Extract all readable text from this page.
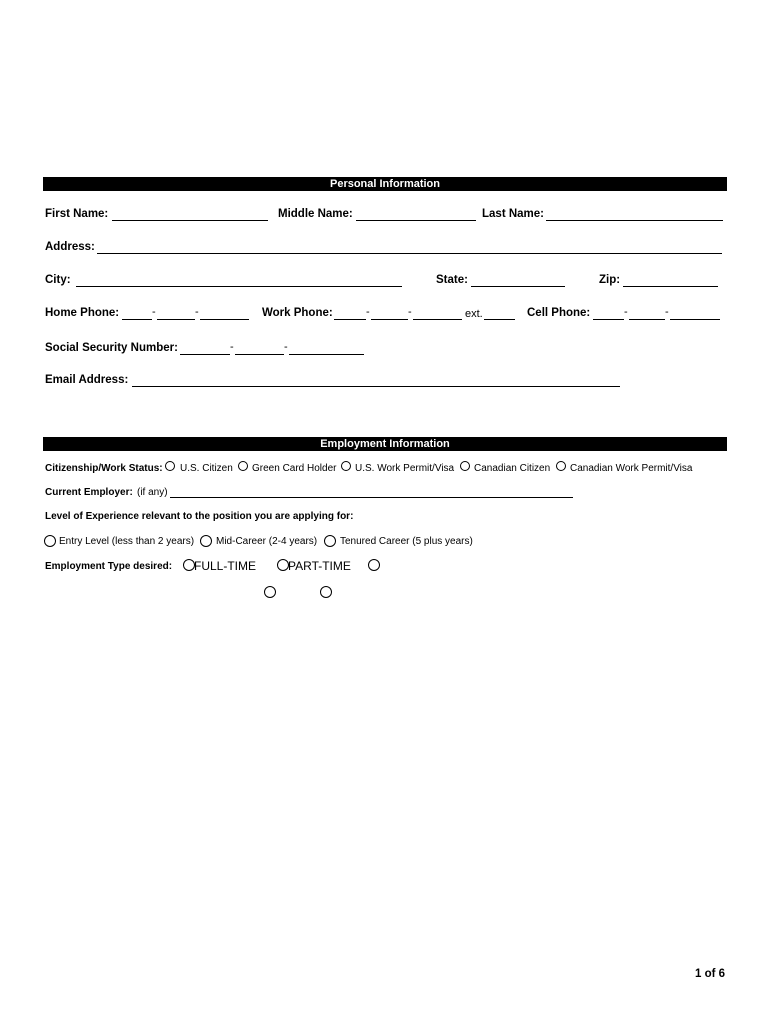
Personal Information
First Name:	Middle Name:	Last Name:
Address:
City:	State:	Zip:
Home Phone:	-	-	Work Phone:	-	-	ext.	Cell Phone:	-	-
Social Security Number:	-	-
Email Address:
Employment Information
Citizenship/Work Status: U.S. Citizen Green Card Holder U.S. Work Permit/Visa Canadian Citizen Canadian Work Permit/Visa
Current Employer: (if any)
Level of Experience relevant to the position you are applying for:
Entry Level (less than 2 years) Mid-Career (2-4 years) Tenured Career (5 plus years)
Employment Type desired: FULL-TIME	PART-TIME
1 of 6
